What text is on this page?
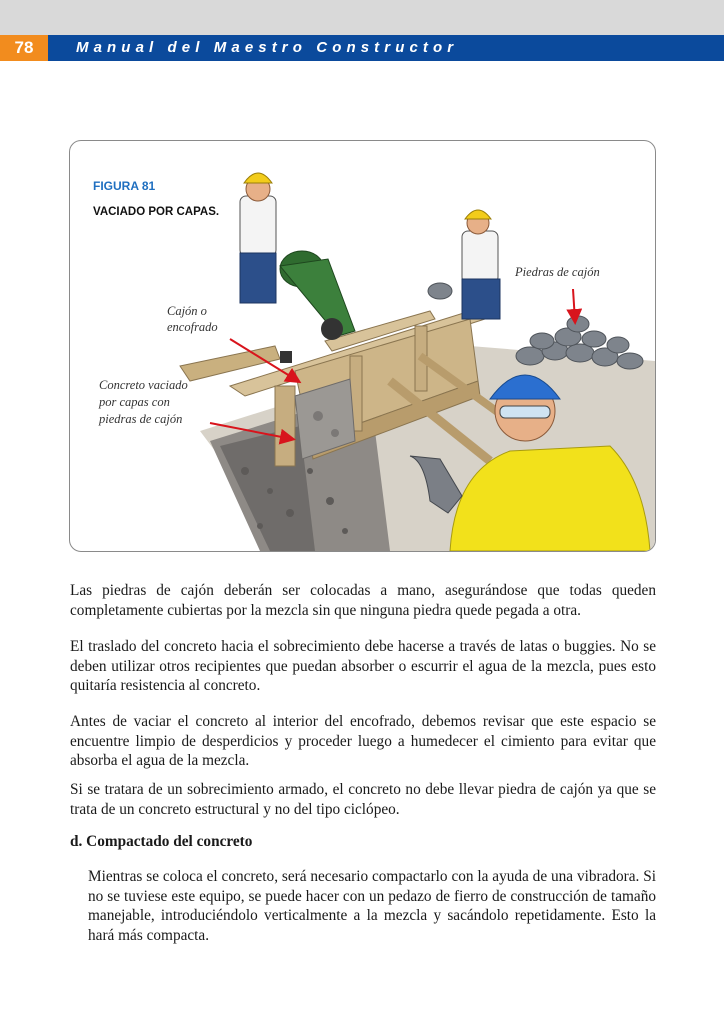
78	Manual del Maestro Constructor
FIGURA 81
VACIADO POR CAPAS.
Piedras de cajón
Cajón o
encofrado
Concreto vaciado
por capas con
piedras de cajón

Las piedras de cajón deberán ser colocadas a mano, asegurándose que todas queden completamente cubiertas por la mezcla sin que ninguna piedra quede pegada a otra.

El traslado del concreto hacia el sobrecimiento debe hacerse a través de latas o buggies. No se deben utilizar otros recipientes que puedan absorber o escurrir el agua de la mezcla, pues esto quitaría resistencia al concreto.

Antes de vaciar el concreto al interior del encofrado, debemos revisar que este espacio se encuentre limpio de desperdicios y proceder luego a humedecer el cimiento para evitar que absorba el agua de la mezcla.

Si se tratara de un sobrecimiento armado, el concreto no debe llevar piedra de cajón ya que se trata de un concreto estructural y no del tipo ciclópeo.

d. Compactado del concreto

Mientras se coloca el concreto, será necesario compactarlo con la ayuda de una vibradora. Si no se tuviese este equipo, se puede hacer con un pedazo de fierro de construcción de tamaño manejable, introduciéndolo verticalmente a la mezcla y sacándolo repetidamente. Esto la hará más compacta.
